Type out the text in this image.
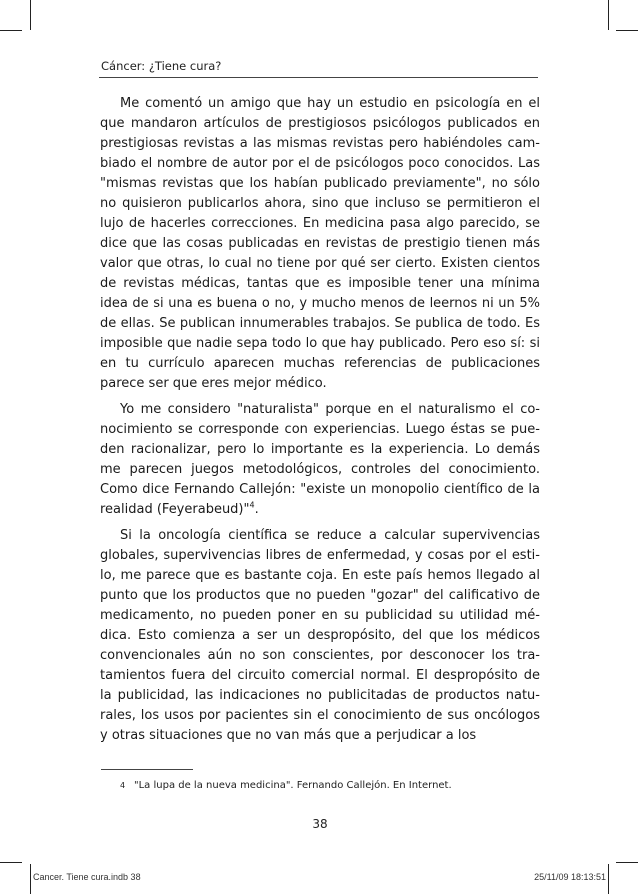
Cáncer: ¿Tiene cura?

Me comentó un amigo que hay un estudio en psicología en el que mandaron artículos de prestigiosos psicólogos publicados en prestigiosas revistas a las mismas revistas pero habiéndoles cambiado el nombre de autor por el de psicólogos poco conocidos. Las "mismas revistas que los habían publicado previamente", no sólo no quisieron publicarlos ahora, sino que incluso se permitieron el lujo de hacerles correcciones. En medicina pasa algo parecido, se dice que las cosas publicadas en revistas de prestigio tienen más valor que otras, lo cual no tiene por qué ser cierto. Existen cientos de revistas médicas, tantas que es imposible tener una mínima idea de si una es buena o no, y mucho menos de leernos ni un 5% de ellas. Se publican innumerables trabajos. Se publica de todo. Es imposible que nadie sepa todo lo que hay publicado. Pero eso sí: si en tu currículo aparecen muchas referencias de publicaciones parece ser que eres mejor médico.

Yo me considero "naturalista" porque en el naturalismo el conocimiento se corresponde con experiencias. Luego éstas se pueden racionalizar, pero lo importante es la experiencia. Lo demás me parecen juegos metodológicos, controles del conocimiento. Como dice Fernando Callejón: "existe un monopolio científico de la realidad (Feyerabeud)"$^4$.

Si la oncología científica se reduce a calcular supervivencias globales, supervivencias libres de enfermedad, y cosas por el estilo, me parece que es bastante coja. En este país hemos llegado al punto que los productos que no pueden "gozar" del calificativo de medicamento, no pueden poner en su publicidad su utilidad médica. Esto comienza a ser un despropósito, del que los médicos convencionales aún no son conscientes, por desconocer los tratamientos fuera del circuito comercial normal. El despropósito de la publicidad, las indicaciones no publicitadas de productos naturales, los usos por pacientes sin el conocimiento de sus oncólogos y otras situaciones que no van más que a perjudicar a los

4 "La lupa de la nueva medicina". Fernando Callejón. En Internet.

38

Cancer. Tiene cura.indb 38	25/11/09 18:13:51
